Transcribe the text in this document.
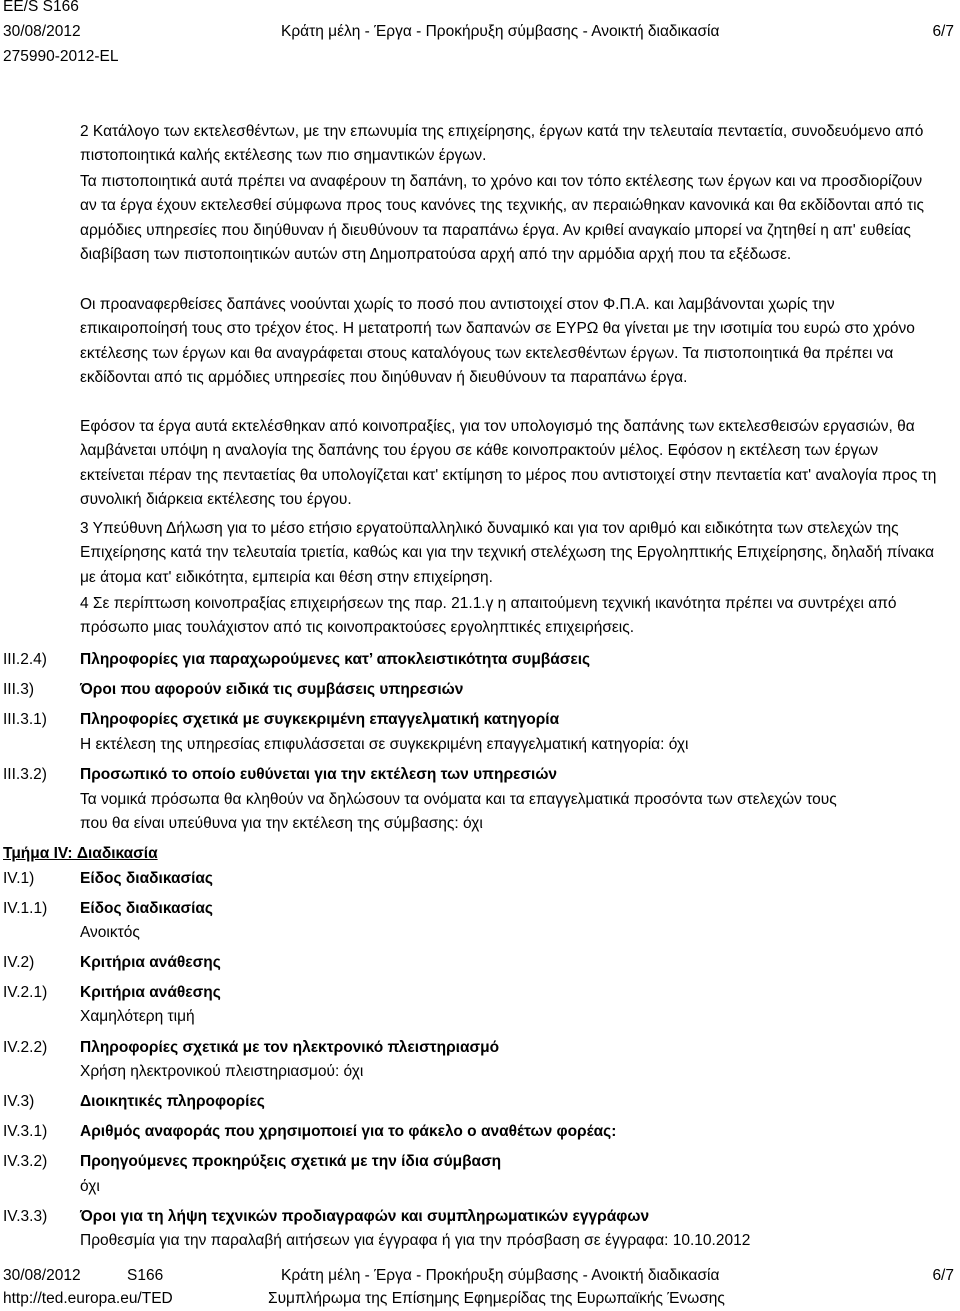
EE/S S166
30/08/2012
275990-2012-EL
Κράτη μέλη - Έργα - Προκήρυξη σύμβασης - Ανοικτή διαδικασία	6/7

2 Κατάλογο των εκτελεσθέντων, με την επωνυμία της επιχείρησης, έργων κατά την τελευταία πενταετία, συνοδευόμενο από πιστοποιητικά καλής εκτέλεσης των πιο σημαντικών έργων.

Τα πιστοποιητικά αυτά πρέπει να αναφέρουν τη δαπάνη, το χρόνο και τον τόπο εκτέλεσης των έργων και να προσδιορίζουν αν τα έργα έχουν εκτελεσθεί σύμφωνα προς τους κανόνες της τεχνικής, αν περαιώθηκαν κανονικά και θα εκδίδονται από τις αρμόδιες υπηρεσίες που διηύθυναν ή διευθύνουν τα παραπάνω έργα. Αν κριθεί αναγκαίο μπορεί να ζητηθεί η απ' ευθείας διαβίβαση των πιστοποιητικών αυτών στη Δημοπρατούσα αρχή από την αρμόδια αρχή που τα εξέδωσε.

Οι προαναφερθείσες δαπάνες νοούνται χωρίς το ποσό που αντιστοιχεί στον Φ.Π.Α. και λαμβάνονται χωρίς την επικαιροποίησή τους στο τρέχον έτος. Η μετατροπή των δαπανών σε ΕΥΡΩ θα γίνεται με την ισοτιμία του ευρώ στο χρόνο εκτέλεσης των έργων και θα αναγράφεται στους καταλόγους των εκτελεσθέντων έργων. Τα πιστοποιητικά θα πρέπει να εκδίδονται από τις αρμόδιες υπηρεσίες που διηύθυναν ή διευθύνουν τα παραπάνω έργα.

Εφόσον τα έργα αυτά εκτελέσθηκαν από κοινοπραξίες, για τον υπολογισμό της δαπάνης των εκτελεσθεισών εργασιών, θα λαμβάνεται υπόψη η αναλογία της δαπάνης του έργου σε κάθε κοινοπρακτούν μέλος. Εφόσον η εκτέλεση των έργων εκτείνεται πέραν της πενταετίας θα υπολογίζεται κατ' εκτίμηση το μέρος που αντιστοιχεί στην πενταετία κατ' αναλογία προς τη συνολική διάρκεια εκτέλεσης του έργου.

3 Υπεύθυνη Δήλωση για το μέσο ετήσιο εργατοϋπαλληλικό δυναμικό και για τον αριθμό και ειδικότητα των στελεχών της Επιχείρησης κατά την τελευταία τριετία, καθώς και για την τεχνική στελέχωση της Εργοληπτικής Επιχείρησης, δηλαδή πίνακα με άτομα κατ' ειδικότητα, εμπειρία και θέση στην επιχείρηση.

4 Σε περίπτωση κοινοπραξίας επιχειρήσεων της παρ. 21.1.γ η απαιτούμενη τεχνική ικανότητα πρέπει να συντρέχει από πρόσωπο μιας τουλάχιστον από τις κοινοπρακτούσες εργοληπτικές επιχειρήσεις.

III.2.4)	Πληροφορίες για παραχωρούμενες κατ’ αποκλειστικότητα συμβάσεις
III.3)	Όροι που αφορούν ειδικά τις συμβάσεις υπηρεσιών
III.3.1)	Πληροφορίες σχετικά με συγκεκριμένη επαγγελματική κατηγορία
Η εκτέλεση της υπηρεσίας επιφυλάσσεται σε συγκεκριμένη επαγγελματική κατηγορία: όχι
III.3.2)	Προσωπικό το οποίο ευθύνεται για την εκτέλεση των υπηρεσιών
Τα νομικά πρόσωπα θα κληθούν να δηλώσουν τα ονόματα και τα επαγγελματικά προσόντα των στελεχών τους
που θα είναι υπεύθυνα για την εκτέλεση της σύμβασης: όχι
Τμήμα IV: Διαδικασία
IV.1)	Είδος διαδικασίας
IV.1.1)	Είδος διαδικασίας
Ανοικτός
IV.2)	Κριτήρια ανάθεσης
IV.2.1)	Κριτήρια ανάθεσης
Χαμηλότερη τιμή
IV.2.2)	Πληροφορίες σχετικά με τον ηλεκτρονικό πλειστηριασμό
Χρήση ηλεκτρονικού πλειστηριασμού: όχι
IV.3)	Διοικητικές πληροφορίες
IV.3.1)	Αριθμός αναφοράς που χρησιμοποιεί για το φάκελο ο αναθέτων φορέας:
IV.3.2)	Προηγούμενες προκηρύξεις σχετικά με την ίδια σύμβαση
όχι
IV.3.3)	Όροι για τη λήψη τεχνικών προδιαγραφών και συμπληρωματικών εγγράφων
Προθεσμία για την παραλαβή αιτήσεων για έγγραφα ή για την πρόσβαση σε έγγραφα: 10.10.2012
30/08/2012	S166
http://ted.europa.eu/TED
Κράτη μέλη - Έργα - Προκήρυξη σύμβασης - Ανοικτή διαδικασία
Συμπλήρωμα της Επίσημης Εφημερίδας της Ευρωπαϊκής Ένωσης
6/7
